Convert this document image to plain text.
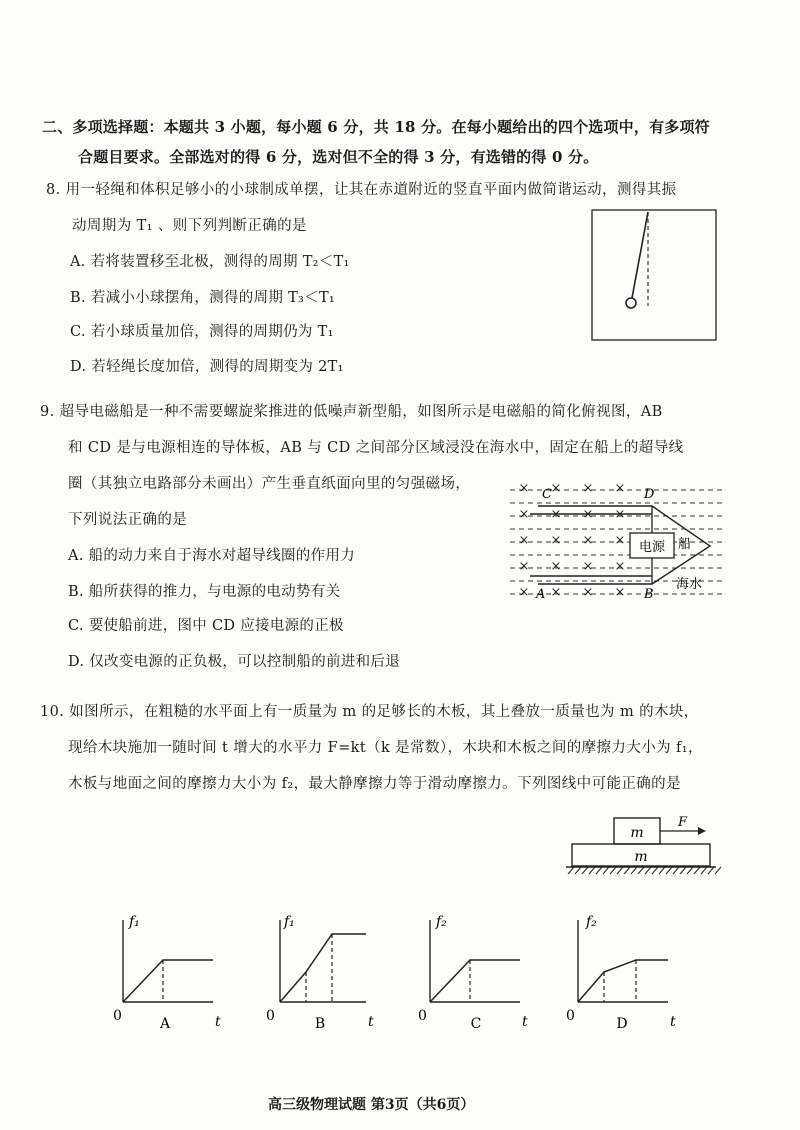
二、多项选择题：本题共 3 小题，每小题 6 分，共 18 分。在每小题给出的四个选项中，有多项符
合题目要求。全部选对的得 6 分，选对但不全的得 3 分，有选错的得 0 分。
8. 用一轻绳和体积足够小的小球制成单摆，让其在赤道附近的竖直平面内做简谐运动，测得其振
动周期为 T₁ 、则下列判断正确的是
A. 若将装置移至北极，测得的周期 T₂＜T₁
B. 若减小小球摆角，测得的周期 T₃＜T₁
C. 若小球质量加倍，测得的周期仍为 T₁
D. 若轻绳长度加倍，测得的周期变为 2T₁
9. 超导电磁船是一种不需要螺旋桨推进的低噪声新型船，如图所示是电磁船的简化俯视图，AB
和 CD 是与电源相连的导体板，AB 与 CD 之间部分区域浸没在海水中，固定在船上的超导线
圈（其独立电路部分未画出）产生垂直纸面向里的匀强磁场，
下列说法正确的是
A. 船的动力来自于海水对超导线圈的作用力
B. 船所获得的推力，与电源的电动势有关
C. 要使船前进，图中 CD 应接电源的正极
D. 仅改变电源的正负极，可以控制船的前进和后退
× × × ×
× × × ×
× × × ×
× × × ×
× × × ×
电源 船
海水
C	D
A	B
10. 如图所示，在粗糙的水平面上有一质量为 m 的足够长的木板，其上叠放一质量也为 m 的木块，
现给木块施加一随时间 t 增大的水平力 F=kt（k 是常数），木块和木板之间的摩擦力大小为 f₁，
木板与地面之间的摩擦力大小为 f₂，最大静摩擦力等于滑动摩擦力。下列图线中可能正确的是
m
m
F
f₁
0	t
A
f₁
0	t
B
f₂
0	t
C
f₂
0	t
D
高三级物理试题 第3页（共6页）
